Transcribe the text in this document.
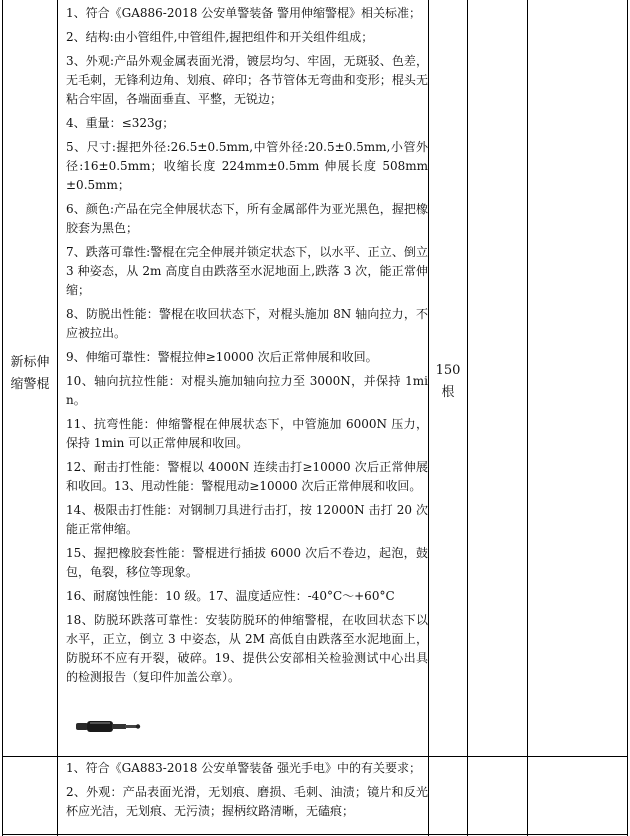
新标伸缩警棍
150根

1、符合《GA886-2018 公安单警装备 警用伸缩警棍》相关标准；

2、结构:由小管组件,中管组件,握把组件和开关组件组成；

3、外观:产品外观金属表面光滑，镀层均匀、牢固，无斑驳、色差，无毛刺，无锋利边角、划痕、碎印；各节管体无弯曲和变形；棍头无粘合牢固，各端面垂直、平整，无锐边；

4、重量：≤323g；

5、尺寸:握把外径:26.5±0.5mm,中管外径:20.5±0.5mm,小管外径:16±0.5mm；收缩长度 224mm±0.5mm 伸展长度 508mm±0.5mm；

6、颜色:产品在完全伸展状态下，所有金属部件为亚光黑色，握把橡胶套为黑色；

7、跌落可靠性:警棍在完全伸展并锁定状态下，以水平、正立、倒立 3 种姿态，从 2m 高度自由跌落至水泥地面上,跌落 3 次，能正常伸缩；

8、防脱出性能：警棍在收回状态下，对棍头施加 8N 轴向拉力，不应被拉出。

9、伸缩可靠性：警棍拉伸≥10000 次后正常伸展和收回。

10、轴向抗拉性能：对棍头施加轴向拉力至 3000N，并保持 1min。

11、抗弯性能：伸缩警棍在伸展状态下，中管施加 6000N 压力，保持 1min 可以正常伸展和收回。

12、耐击打性能：警棍以 4000N 连续击打≥10000 次后正常伸展和收回。13、甩动性能：警棍甩动≥10000 次后正常伸展和收回。

14、极限击打性能：对钢制刀具进行击打，按 12000N 击打 20 次能正常伸缩。

15、握把橡胶套性能：警棍进行插拔 6000 次后不卷边，起泡，鼓包，龟裂，移位等现象。

16、耐腐蚀性能：10 级。17、温度适应性：-40°C～+60°C

18、防脱环跌落可靠性：安装防脱环的伸缩警棍，在收回状态下以水平，正立，倒立 3 中姿态，从 2M 高低自由跌落至水泥地面上，防脱环不应有开裂，破碎。19、提供公安部相关检验测试中心出具的检测报告（复印件加盖公章）。

1、符合《GA883-2018 公安单警装备 强光手电》中的有关要求；

2、外观：产品表面光滑，无划痕、磨损、毛刺、油渍；镜片和反光杯应光洁，无划痕、无污渍；握柄纹路清晰，无磕痕；
